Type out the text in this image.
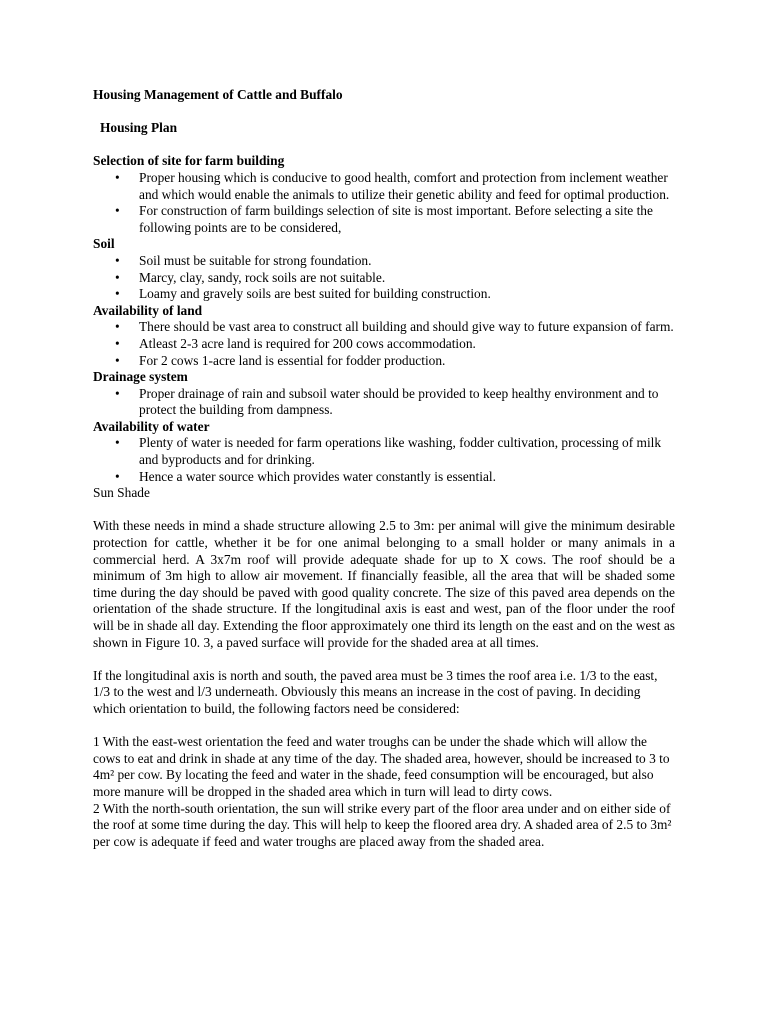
Housing Management of Cattle and Buffalo
Housing Plan
Selection of site for farm building
• Proper housing which is conducive to good health, comfort and protection from inclement weather and which would enable the animals to utilize their genetic ability and feed for optimal production.
• For construction of farm buildings selection of site is most important. Before selecting a site the following points are to be considered,
Soil
• Soil must be suitable for strong foundation.
• Marcy, clay, sandy, rock soils are not suitable.
• Loamy and gravely soils are best suited for building construction.
Availability of land
• There should be vast area to construct all building and should give way to future expansion of farm.
• Atleast 2-3 acre land is required for 200 cows accommodation.
• For 2 cows 1-acre land is essential for fodder production.
Drainage system
• Proper drainage of rain and subsoil water should be provided to keep healthy environment and to protect the building from dampness.
Availability of water
• Plenty of water is needed for farm operations like washing, fodder cultivation, processing of milk and byproducts and for drinking.
• Hence a water source which provides water constantly is essential.
Sun Shade

With these needs in mind a shade structure allowing 2.5 to 3m: per animal will give the minimum desirable protection for cattle, whether it be for one animal belonging to a small holder or many animals in a commercial herd. A 3x7m roof will provide adequate shade for up to X cows. The roof should be a minimum of 3m high to allow air movement. If financially feasible, all the area that will be shaded some time during the day should be paved with good quality concrete. The size of this paved area depends on the orientation of the shade structure. If the longitudinal axis is east and west, pan of the floor under the roof will be in shade all day. Extending the floor approximately one third its length on the east and on the west as shown in Figure 10. 3, a paved surface will provide for the shaded area at all times.

If the longitudinal axis is north and south, the paved area must be 3 times the roof area i.e. 1/3 to the east, 1/3 to the west and l/3 underneath. Obviously this means an increase in the cost of paving. In deciding which orientation to build, the following factors need be considered:

1 With the east-west orientation the feed and water troughs can be under the shade which will allow the cows to eat and drink in shade at any time of the day. The shaded area, however, should be increased to 3 to 4m² per cow. By locating the feed and water in the shade, feed consumption will be encouraged, but also more manure will be dropped in the shaded area which in turn will lead to dirty cows.

2 With the north-south orientation, the sun will strike every part of the floor area under and on either side of the roof at some time during the day. This will help to keep the floored area dry. A shaded area of 2.5 to 3m² per cow is adequate if feed and water troughs are placed away from the shaded area.
